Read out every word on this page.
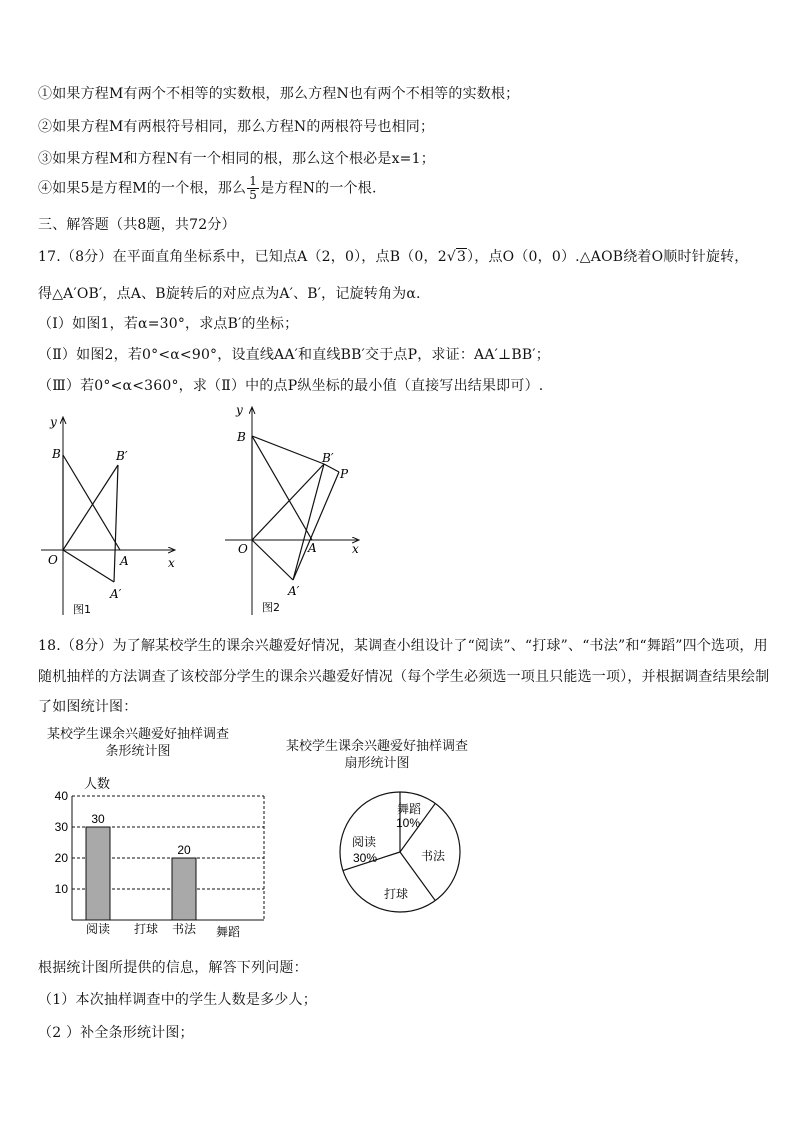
①如果方程M有两个不相等的实数根，那么方程N也有两个不相等的实数根；
②如果方程M有两根符号相同，那么方程N的两根符号也相同；
③如果方程M和方程N有一个相同的根，那么这个根必是x=1；
④如果5是方程M的一个根，那么 $\frac{1}{5}$ 是方程N的一个根.
三、解答题（共8题，共72分）
17.（8分）在平面直角坐标系中，已知点A（2，0），点B（0，2√3），点O（0，0）.△AOB绕着O顺时针旋转，
得△A′OB′，点A、B旋转后的对应点为A′、B′，记旋转角为α.
（Ⅰ）如图1，若α=30°，求点B′的坐标；
（Ⅱ）如图2，若0°<α<90°，设直线AA′和直线BB′交于点P，求证：AA′⊥BB′；
（Ⅲ）若0°<α<360°，求（Ⅱ）中的点P纵坐标的最小值（直接写出结果即可）.
y
x
O	A
B	B′
A′
图1
y
x
O	A
B
B′
P
A′
图2
18.（8分）为了解某校学生的课余兴趣爱好情况，某调查小组设计了“阅读”、“打球”、“书法”和“舞蹈”四个选项，用
随机抽样的方法调查了该校部分学生的课余兴趣爱好情况（每个学生必须选一项且只能选一项），并根据调查结果绘制
了如图统计图：
某校学生课余兴趣爱好抽样调查
条形统计图
人数
10
20
30
40
30
阅读 打球
20
书法 舞蹈
某校学生课余兴趣爱好抽样调查
扇形统计图
舞蹈
10%
书法
打球
阅读
30%
根据统计图所提供的信息，解答下列问题：
（1）本次抽样调查中的学生人数是多少人；
（2 ）补全条形统计图；
